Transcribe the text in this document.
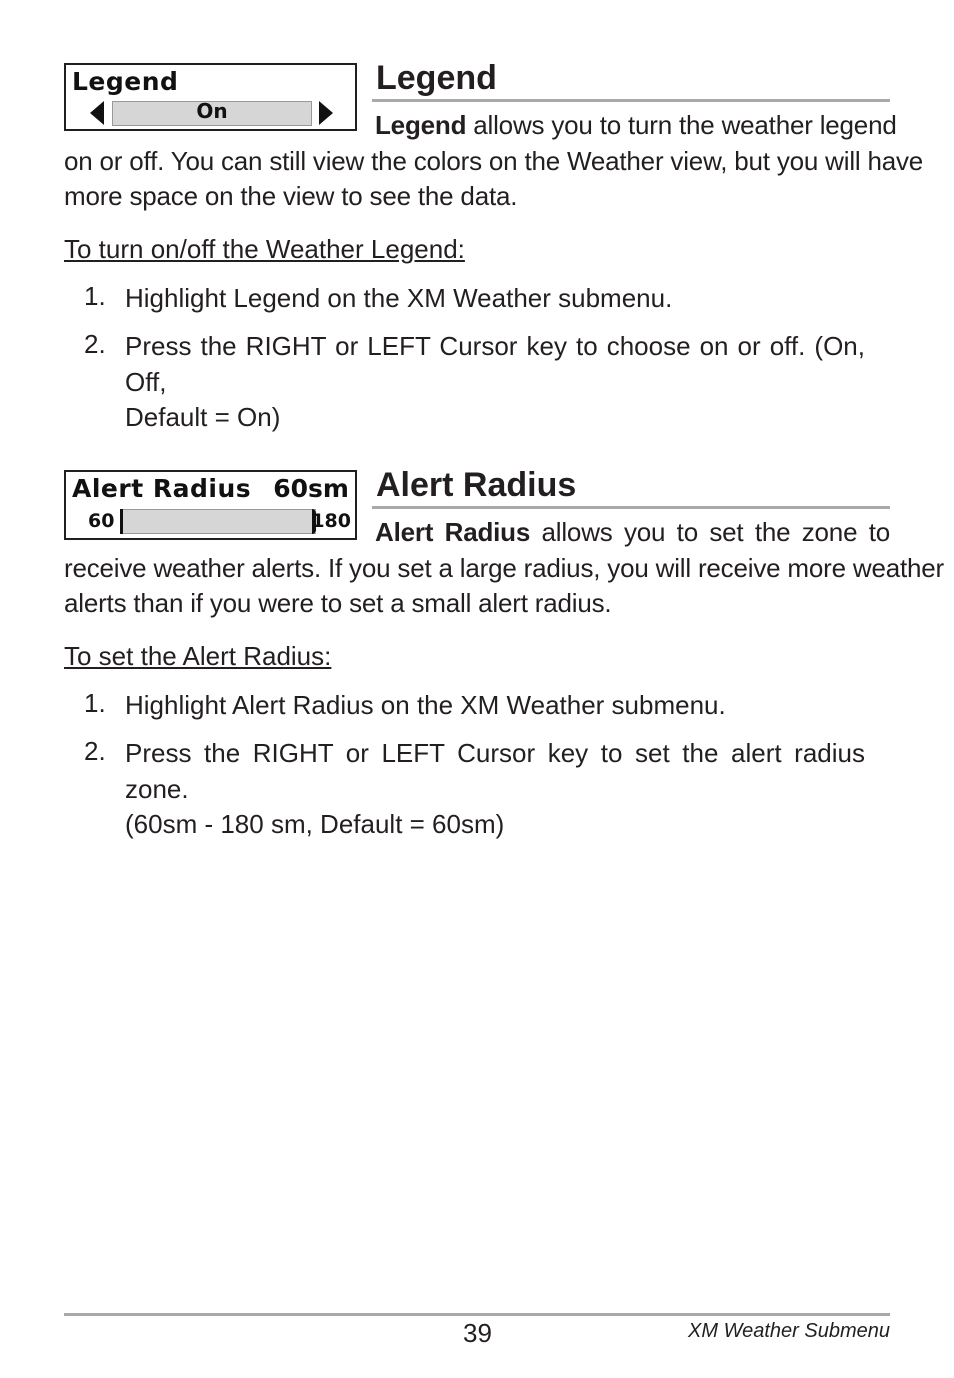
Legend
On
Legend
Legend allows you to turn the weather legend
on or off. You can still view the colors on the Weather view, but you will have
more space on the view to see the data.
To turn on/off the Weather Legend:
1. Highlight Legend on the XM Weather submenu.
2. Press the RIGHT or LEFT Cursor key to choose on or off. (On, Off,
Default = On)
Alert Radius 60sm
60	180
Alert Radius
Alert Radius allows you to set the zone to
receive weather alerts. If you set a large radius, you will receive more weather
alerts than if you were to set a small alert radius.
To set the Alert Radius:
1. Highlight Alert Radius on the XM Weather submenu.
2. Press the RIGHT or LEFT Cursor key to set the alert radius zone.
(60sm - 180 sm, Default = 60sm)
39	XM Weather Submenu
